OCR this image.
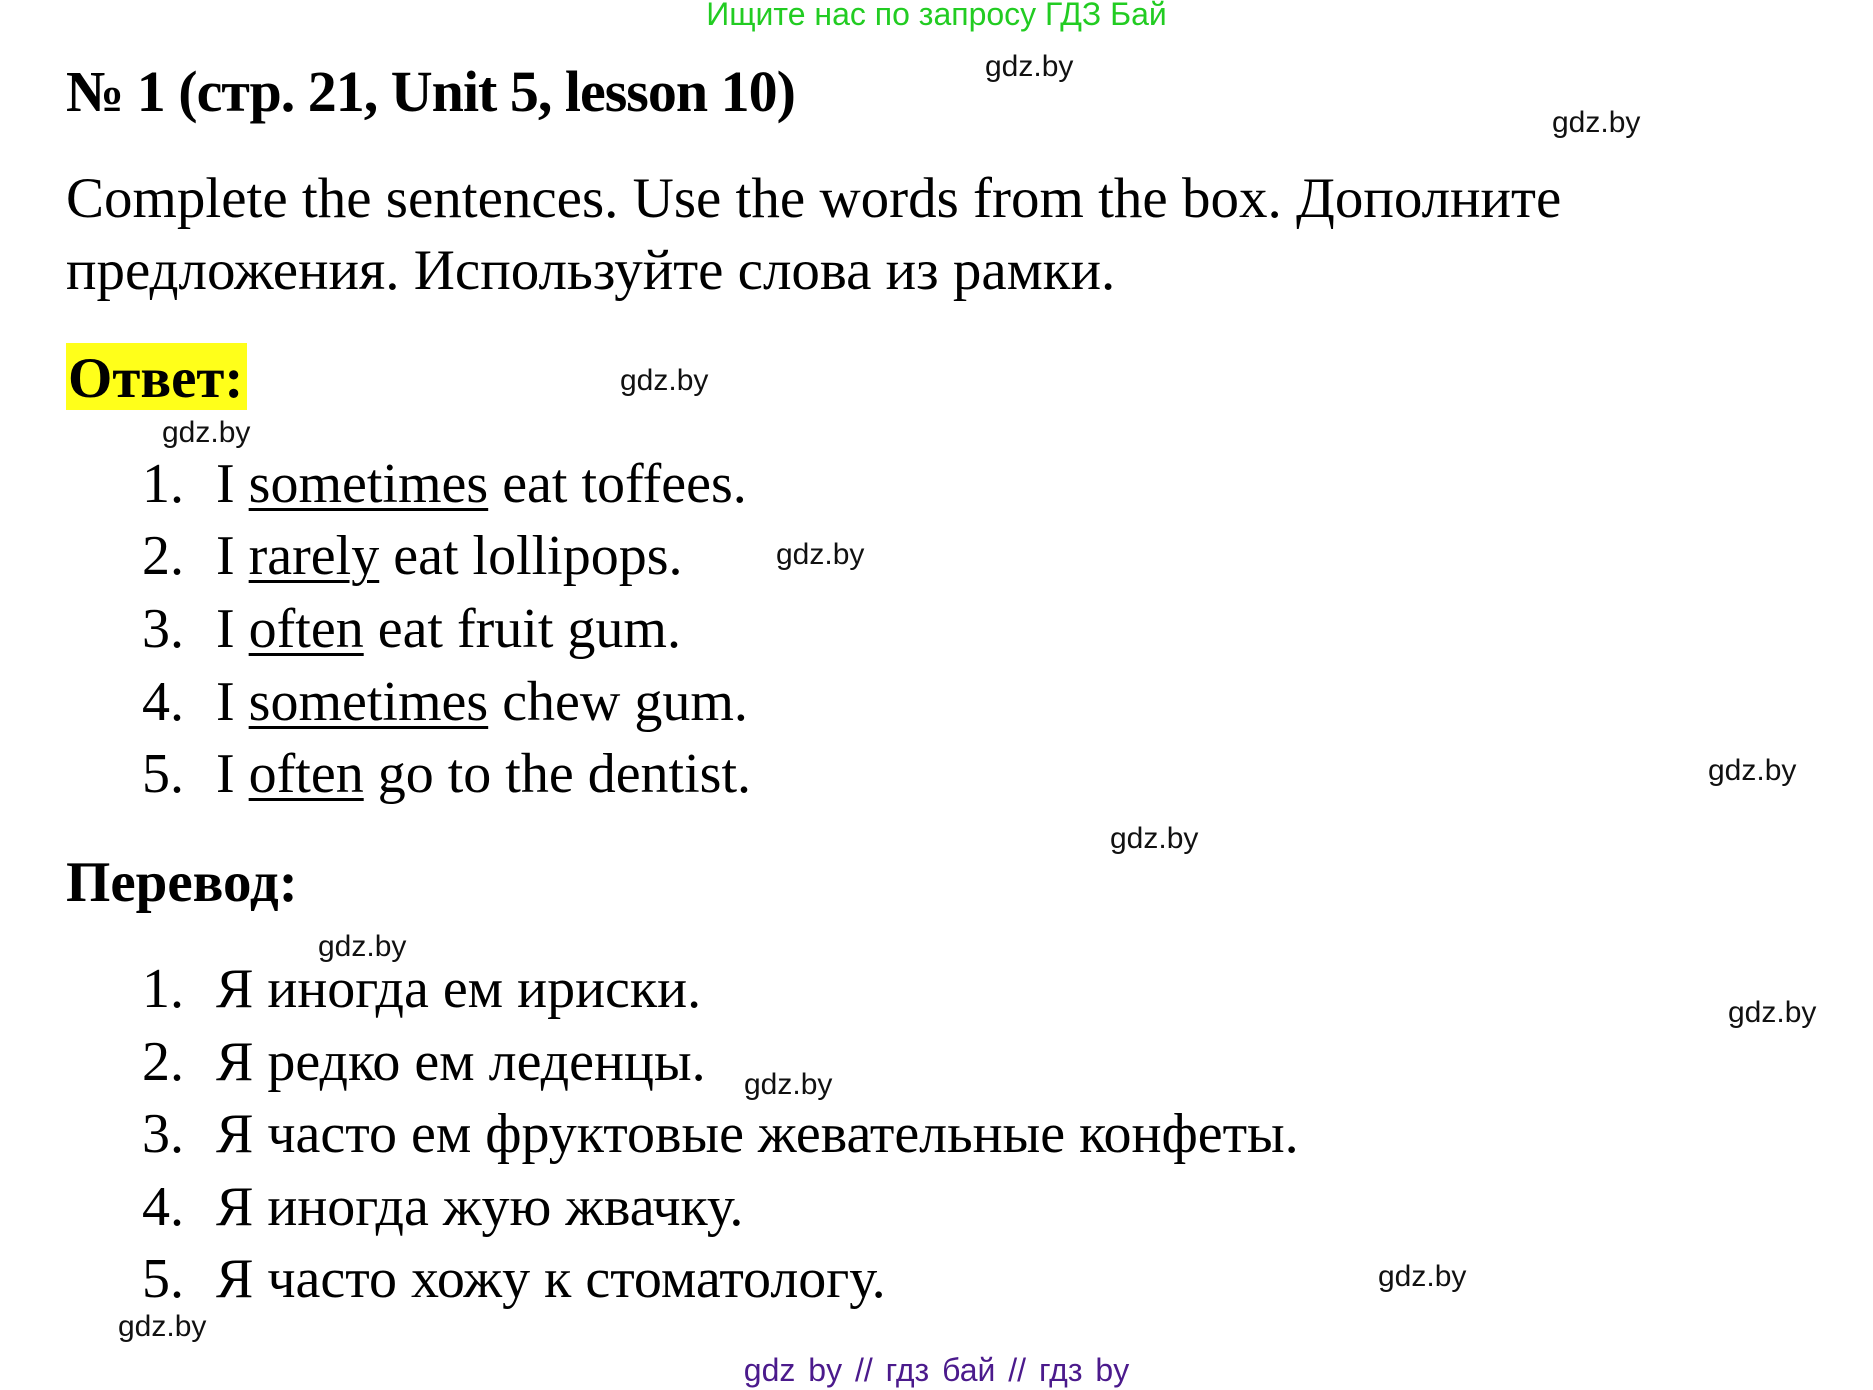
Ищите нас по запросу ГДЗ Бай
№ 1 (стр. 21, Unit 5, lesson 10)
Complete the sentences. Use the words from the box. Дополните
предложения. Используйте слова из рамки.
Ответ:
1. I sometimes eat toffees.
2. I rarely eat lollipops.
3. I often eat fruit gum.
4. I sometimes chew gum.
5. I often go to the dentist.
Перевод:
1. Я иногда ем ириски.
2. Я редко ем леденцы.
3. Я часто ем фруктовые жевательные конфеты.
4. Я иногда жую жвачку.
5. Я часто хожу к стоматологу.
gdz.by
gdz.by
gdz.by
gdz.by
gdz.by
gdz.by
gdz.by
gdz.by
gdz.by
gdz.by
gdz.by
gdz.by
gdz by // гдз бай // гдз by
